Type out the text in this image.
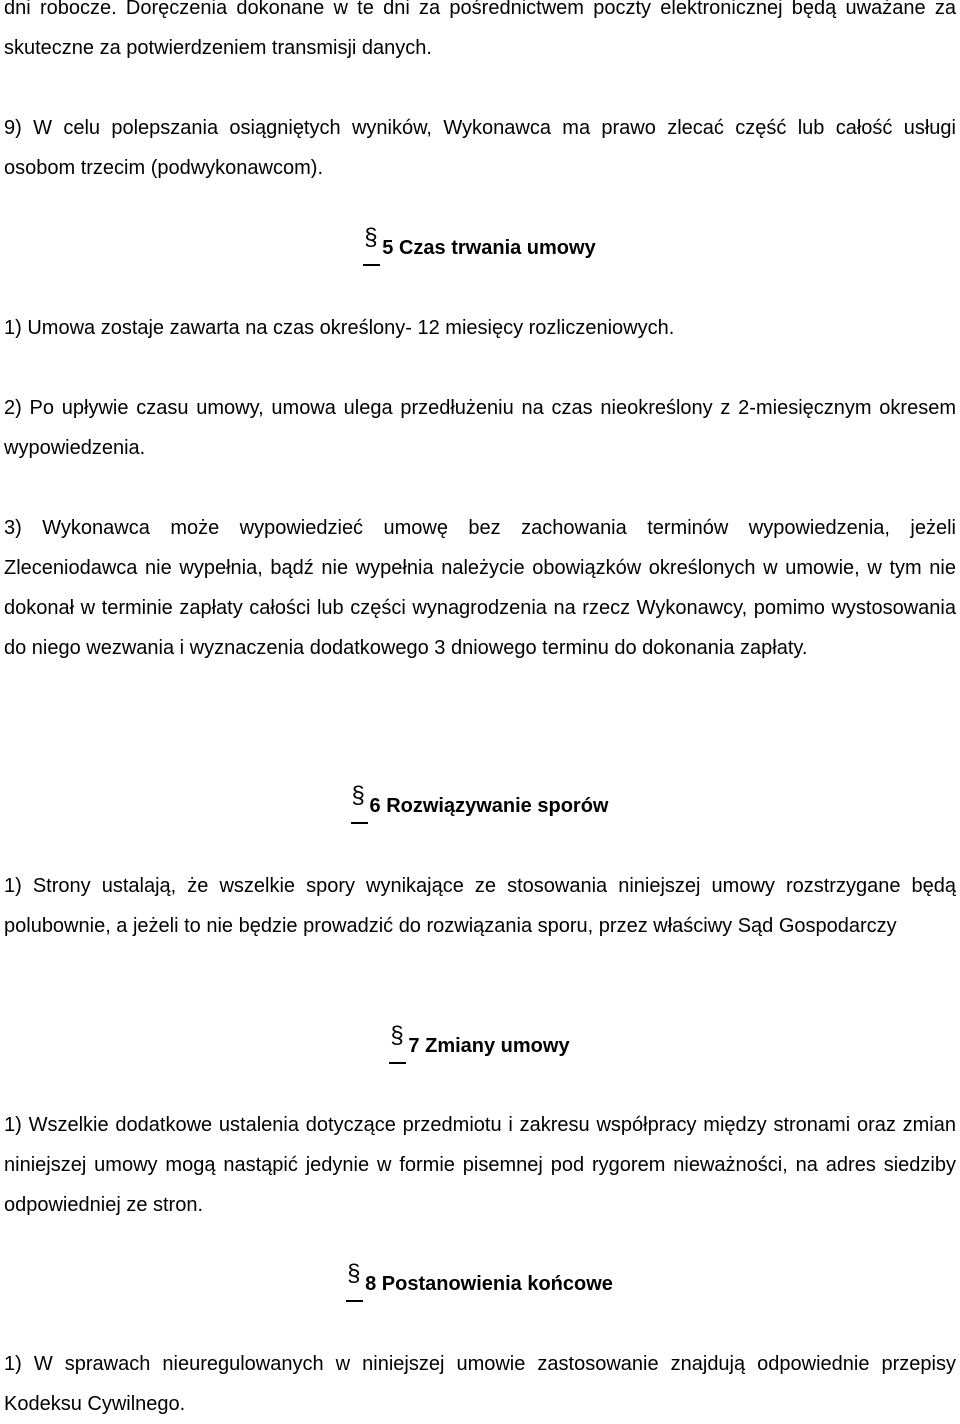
dni robocze. Doręczenia dokonane w te dni za pośrednictwem poczty elektronicznej będą uważane za skuteczne za potwierdzeniem transmisji danych.

9) W celu polepszania osiągniętych wyników, Wykonawca ma prawo zlecać część lub całość usługi osobom trzecim (podwykonawcom).

5 Czas trwania umowy

1) Umowa zostaje zawarta na czas określony- 12 miesięcy rozliczeniowych.

2) Po upływie czasu umowy, umowa ulega przedłużeniu na czas nieokreślony z 2-miesięcznym okresem wypowiedzenia.

3) Wykonawca może wypowiedzieć umowę bez zachowania terminów wypowiedzenia, jeżeli Zleceniodawca nie wypełnia, bądź nie wypełnia należycie obowiązków określonych w umowie, w tym nie dokonał w terminie zapłaty całości lub części wynagrodzenia na rzecz Wykonawcy, pomimo wystosowania do niego wezwania i wyznaczenia dodatkowego 3 dniowego terminu do dokonania zapłaty.

6 Rozwiązywanie sporów

1) Strony ustalają, że wszelkie spory wynikające ze stosowania niniejszej umowy rozstrzygane będą polubownie, a jeżeli to nie będzie prowadzić do rozwiązania sporu, przez właściwy Sąd Gospodarczy

7 Zmiany umowy

1) Wszelkie dodatkowe ustalenia dotyczące przedmiotu i zakresu współpracy między stronami oraz zmian niniejszej umowy mogą nastąpić jedynie w formie pisemnej pod rygorem nieważności, na adres siedziby odpowiedniej ze stron.

8 Postanowienia końcowe

1) W sprawach nieuregulowanych w niniejszej umowie zastosowanie znajdują odpowiednie przepisy Kodeksu Cywilnego.
